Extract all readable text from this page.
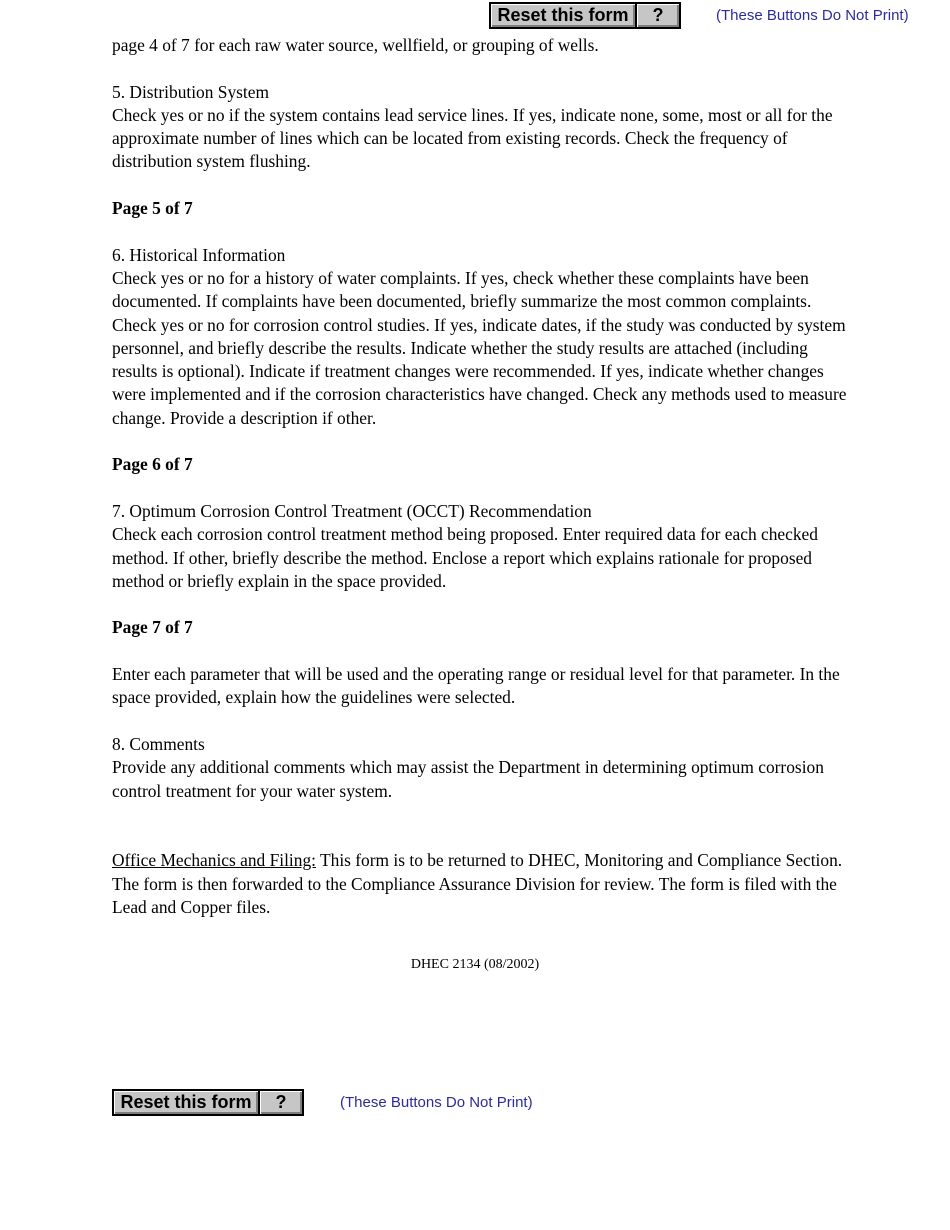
Reset this form	?	(These Buttons Do Not Print)

page 4 of 7 for each raw water source, wellfield, or grouping of wells.

5. Distribution System
Check yes or no if the system contains lead service lines. If yes, indicate none, some, most or all for the approximate number of lines which can be located from existing records. Check the frequency of distribution system flushing.

Page 5 of 7

6. Historical Information
Check yes or no for a history of water complaints. If yes, check whether these complaints have been documented. If complaints have been documented, briefly summarize the most common complaints. Check yes or no for corrosion control studies. If yes, indicate dates, if the study was conducted by system personnel, and briefly describe the results. Indicate whether the study results are attached (including results is optional). Indicate if treatment changes were recommended. If yes, indicate whether changes were implemented and if the corrosion characteristics have changed. Check any methods used to measure change. Provide a description if other.

Page 6 of 7

7. Optimum Corrosion Control Treatment (OCCT) Recommendation
Check each corrosion control treatment method being proposed. Enter required data for each checked method. If other, briefly describe the method. Enclose a report which explains rationale for proposed method or briefly explain in the space provided.

Page 7 of 7

Enter each parameter that will be used and the operating range or residual level for that parameter. In the space provided, explain how the guidelines were selected.

8. Comments
Provide any additional comments which may assist the Department in determining optimum corrosion control treatment for your water system.

Office Mechanics and Filing: This form is to be returned to DHEC, Monitoring and Compliance Section. The form is then forwarded to the Compliance Assurance Division for review. The form is filed with the Lead and Copper files.

DHEC 2134 (08/2002)
Reset this form	?	(These Buttons Do Not Print)
